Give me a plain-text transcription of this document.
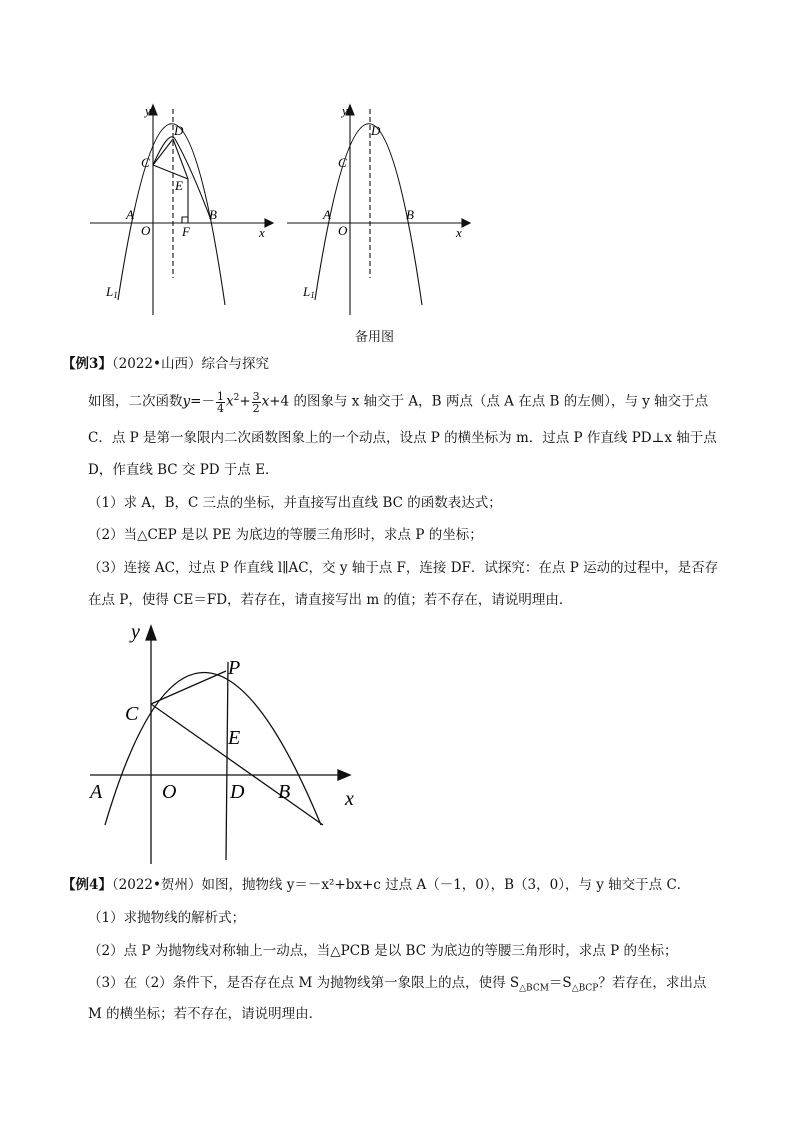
y
x
D
C
E
A
O F
B
L1
y
x
D
C
A
O
B
L1
备用图
【例3】（2022•山西）综合与探究
如图，二次函数$y=- \frac{1}{4} x^2+ \frac{3}{2} x+4$ 的图象与 x 轴交于 A，B 两点（点 A 在点 B 的左侧），与 y 轴交于点
C．点 P 是第一象限内二次函数图象上的一个动点，设点 P 的横坐标为 m．过点 P 作直线 PD⊥x 轴于点
D，作直线 BC 交 PD 于点 E．
（1）求 A，B，C 三点的坐标，并直接写出直线 BC 的函数表达式；
（2）当△CEP 是以 PE 为底边的等腰三角形时，求点 P 的坐标；
（3）连接 AC，过点 P 作直线 l∥AC，交 y 轴于点 F，连接 DF．试探究：在点 P 运动的过程中，是否存
在点 P，使得 CE＝FD，若存在，请直接写出 m 的值；若不存在，请说明理由．
y
x
P
C
E
A	O	D B
【例4】（2022•贺州）如图，抛物线 y＝－x²+bx+c 过点 A（－1，0），B（3，0），与 y 轴交于点 C．
（1）求抛物线的解析式；
（2）点 P 为抛物线对称轴上一动点，当△PCB 是以 BC 为底边的等腰三角形时，求点 P 的坐标；
（3）在（2）条件下，是否存在点 M 为抛物线第一象限上的点，使得 $S_{\triangle BCM}=S_{\triangle BCP}$？若存在，求出点
M 的横坐标；若不存在，请说明理由．
